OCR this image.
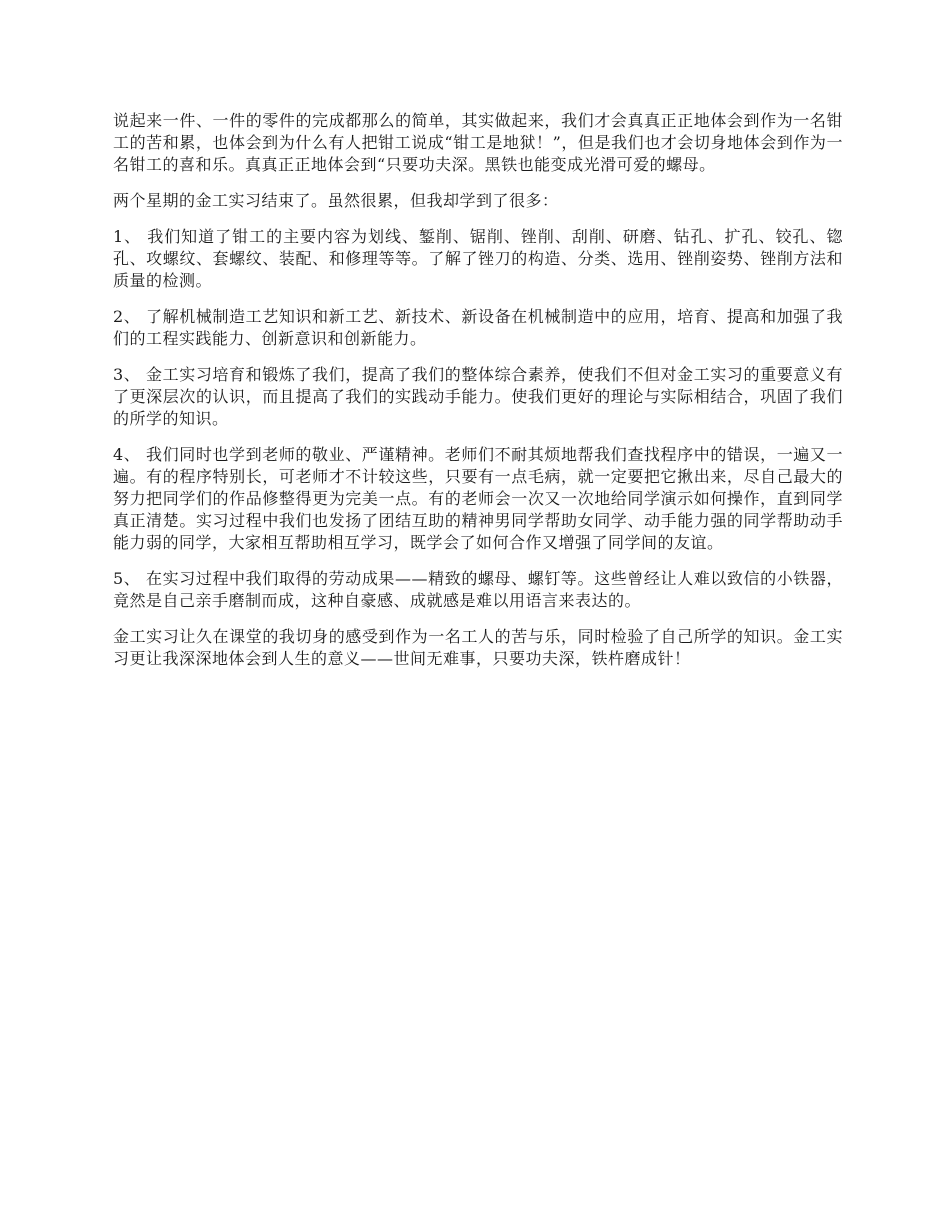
说起来一件、一件的零件的完成都那么的简单，其实做起来，我们才会真真正正地体会到作为一名钳工的苦和累，也体会到为什么有人把钳工说成“钳工是地狱！”，但是我们也才会切身地体会到作为一名钳工的喜和乐。真真正正地体会到“只要功夫深。黑铁也能变成光滑可爱的螺母。

两个星期的金工实习结束了。虽然很累，但我却学到了很多：

1、 我们知道了钳工的主要内容为划线、錾削、锯削、锉削、刮削、研磨、钻孔、扩孔、铰孔、锪孔、攻螺纹、套螺纹、装配、和修理等等。了解了锉刀的构造、分类、选用、锉削姿势、锉削方法和质量的检测。

2、 了解机械制造工艺知识和新工艺、新技术、新设备在机械制造中的应用，培育、提高和加强了我们的工程实践能力、创新意识和创新能力。

3、 金工实习培育和锻炼了我们，提高了我们的整体综合素养，使我们不但对金工实习的重要意义有了更深层次的认识，而且提高了我们的实践动手能力。使我们更好的理论与实际相结合，巩固了我们的所学的知识。

4、 我们同时也学到老师的敬业、严谨精神。老师们不耐其烦地帮我们查找程序中的错误，一遍又一遍。有的程序特别长，可老师才不计较这些，只要有一点毛病，就一定要把它揪出来，尽自己最大的努力把同学们的作品修整得更为完美一点。有的老师会一次又一次地给同学演示如何操作，直到同学真正清楚。实习过程中我们也发扬了团结互助的精神男同学帮助女同学、动手能力强的同学帮助动手能力弱的同学，大家相互帮助相互学习，既学会了如何合作又增强了同学间的友谊。

5、 在实习过程中我们取得的劳动成果——精致的螺母、螺钉等。这些曾经让人难以致信的小铁器，竟然是自己亲手磨制而成，这种自豪感、成就感是难以用语言来表达的。

金工实习让久在课堂的我切身的感受到作为一名工人的苦与乐，同时检验了自己所学的知识。金工实习更让我深深地体会到人生的意义——世间无难事，只要功夫深，铁杵磨成针！
